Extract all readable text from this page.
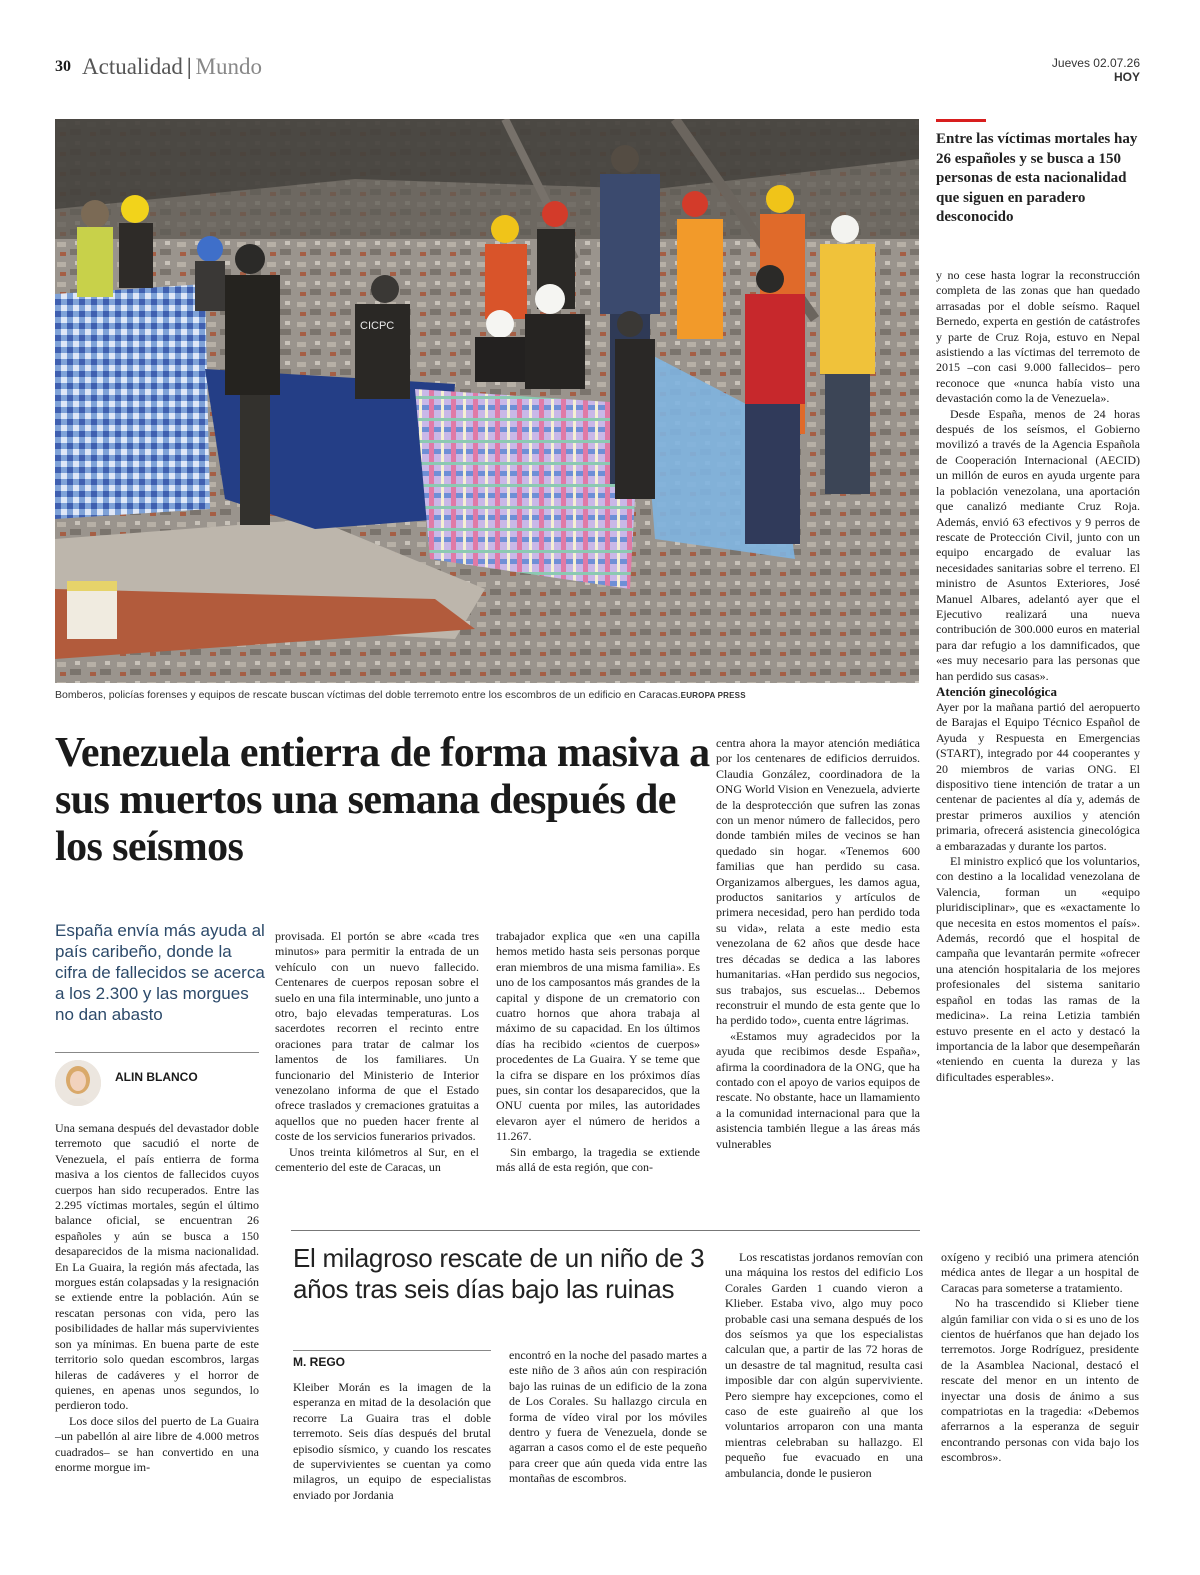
30 Actualidad | Mundo	Jueves 02.07.26
HOY
CICPC
Bomberos, policías forenses y equipos de rescate buscan víctimas del doble terremoto entre los escombros de un edificio en Caracas.EUROPA PRESS
Entre las víctimas mortales hay 26 españoles y se busca a 150 personas de esta nacionalidad que siguen en paradero desconocido
Venezuela entierra de forma masiva a sus muertos una semana después de los seísmos
España envía más ayuda al país caribeño, donde la cifra de fallecidos se acerca a los 2.300 y las morgues no dan abasto
ALIN BLANCO

Una semana después del devastador doble terremoto que sacudió el norte de Venezuela, el país entierra de forma masiva a los cientos de fallecidos cuyos cuerpos han sido recuperados. Entre las 2.295 víctimas mortales, según el último balance oficial, se encuentran 26 españoles y aún se busca a 150 desaparecidos de la misma nacionalidad. En La Guaira, la región más afectada, las morgues están colapsadas y la resignación se extiende entre la población. Aún se rescatan personas con vida, pero las posibilidades de hallar más supervivientes son ya mínimas. En buena parte de este territorio solo quedan escombros, largas hileras de cadáveres y el horror de quienes, en apenas unos segundos, lo perdieron todo.

Los doce silos del puerto de La Guaira –un pabellón al aire libre de 4.000 metros cuadrados– se han convertido en una enorme morgue im-

provisada. El portón se abre «cada tres minutos» para permitir la entrada de un vehículo con un nuevo fallecido. Centenares de cuerpos reposan sobre el suelo en una fila interminable, uno junto a otro, bajo elevadas temperaturas. Los sacerdotes recorren el recinto entre oraciones para tratar de calmar los lamentos de los familiares. Un funcionario del Ministerio de Interior venezolano informa de que el Estado ofrece traslados y cremaciones gratuitas a aquellos que no pueden hacer frente al coste de los servicios funerarios privados.

Unos treinta kilómetros al Sur, en el cementerio del este de Caracas, un

trabajador explica que «en una capilla hemos metido hasta seis personas porque eran miembros de una misma familia». Es uno de los camposantos más grandes de la capital y dispone de un crematorio con cuatro hornos que ahora trabaja al máximo de su capacidad. En los últimos días ha recibido «cientos de cuerpos» procedentes de La Guaira. Y se teme que la cifra se dispare en los próximos días pues, sin contar los desaparecidos, que la ONU cuenta por miles, las autoridades elevaron ayer el número de heridos a 11.267.

Sin embargo, la tragedia se extiende más allá de esta región, que con-

centra ahora la mayor atención mediática por los centenares de edificios derruidos. Claudia González, coordinadora de la ONG World Vision en Venezuela, advierte de la desprotección que sufren las zonas con un menor número de fallecidos, pero donde también miles de vecinos se han quedado sin hogar. «Tenemos 600 familias que han perdido su casa. Organizamos albergues, les damos agua, productos sanitarios y artículos de primera necesidad, pero han perdido toda su vida», relata a este medio esta venezolana de 62 años que desde hace tres décadas se dedica a las labores humanitarias. «Han perdido sus negocios, sus trabajos, sus escuelas... Debemos reconstruir el mundo de esta gente que lo ha perdido todo», cuenta entre lágrimas.

«Estamos muy agradecidos por la ayuda que recibimos desde España», afirma la coordinadora de la ONG, que ha contado con el apoyo de varios equipos de rescate. No obstante, hace un llamamiento a la comunidad internacional para que la asistencia también llegue a las áreas más vulnerables

y no cese hasta lograr la reconstrucción completa de las zonas que han quedado arrasadas por el doble seísmo. Raquel Bernedo, experta en gestión de catástrofes y parte de Cruz Roja, estuvo en Nepal asistiendo a las víctimas del terremoto de 2015 –con casi 9.000 fallecidos– pero reconoce que «nunca había visto una devastación como la de Venezuela».

Desde España, menos de 24 horas después de los seísmos, el Gobierno movilizó a través de la Agencia Española de Cooperación Internacional (AECID) un millón de euros en ayuda urgente para la población venezolana, una aportación que canalizó mediante Cruz Roja. Además, envió 63 efectivos y 9 perros de rescate de Protección Civil, junto con un equipo encargado de evaluar las necesidades sanitarias sobre el terreno. El ministro de Asuntos Exteriores, José Manuel Albares, adelantó ayer que el Ejecutivo realizará una nueva contribución de 300.000 euros en material para dar refugio a los damnificados, que «es muy necesario para las personas que han perdido sus casas».

Atención ginecológica

Ayer por la mañana partió del aeropuerto de Barajas el Equipo Técnico Español de Ayuda y Respuesta en Emergencias (START), integrado por 44 cooperantes y 20 miembros de varias ONG. El dispositivo tiene intención de tratar a un centenar de pacientes al día y, además de prestar primeros auxilios y atención primaria, ofrecerá asistencia ginecológica a embarazadas y durante los partos.

El ministro explicó que los voluntarios, con destino a la localidad venezolana de Valencia, forman un «equipo pluridisciplinar», que es «exactamente lo que necesita en estos momentos el país». Además, recordó que el hospital de campaña que levantarán permite «ofrecer una atención hospitalaria de los mejores profesionales del sistema sanitario español en todas las ramas de la medicina». La reina Letizia también estuvo presente en el acto y destacó la importancia de la labor que desempeñarán «teniendo en cuenta la dureza y las dificultades esperables».

El milagroso rescate de un niño de 3 años tras seis días bajo las ruinas
M. REGO

Kleiber Morán es la imagen de la esperanza en mitad de la desolación que recorre La Guaira tras el doble terremoto. Seis días después del brutal episodio sísmico, y cuando los rescates de supervivientes se cuentan ya como milagros, un equipo de especialistas enviado por Jordania

encontró en la noche del pasado martes a este niño de 3 años aún con respiración bajo las ruinas de un edificio de la zona de Los Corales. Su hallazgo circula en forma de vídeo viral por los móviles dentro y fuera de Venezuela, donde se agarran a casos como el de este pequeño para creer que aún queda vida entre las montañas de escombros.

Los rescatistas jordanos removían con una máquina los restos del edificio Los Corales Garden 1 cuando vieron a Klieber. Estaba vivo, algo muy poco probable casi una semana después de los dos seísmos ya que los especialistas calculan que, a partir de las 72 horas de un desastre de tal magnitud, resulta casi imposible dar con algún superviviente. Pero siempre hay excepciones, como el caso de este guaireño al que los voluntarios arroparon con una manta mientras celebraban su hallazgo. El pequeño fue evacuado en una ambulancia, donde le pusieron

oxígeno y recibió una primera atención médica antes de llegar a un hospital de Caracas para someterse a tratamiento.

No ha trascendido si Klieber tiene algún familiar con vida o si es uno de los cientos de huérfanos que han dejado los terremotos. Jorge Rodríguez, presidente de la Asamblea Nacional, destacó el rescate del menor en un intento de inyectar una dosis de ánimo a sus compatriotas en la tragedia: «Debemos aferrarnos a la esperanza de seguir encontrando personas con vida bajo los escombros».
